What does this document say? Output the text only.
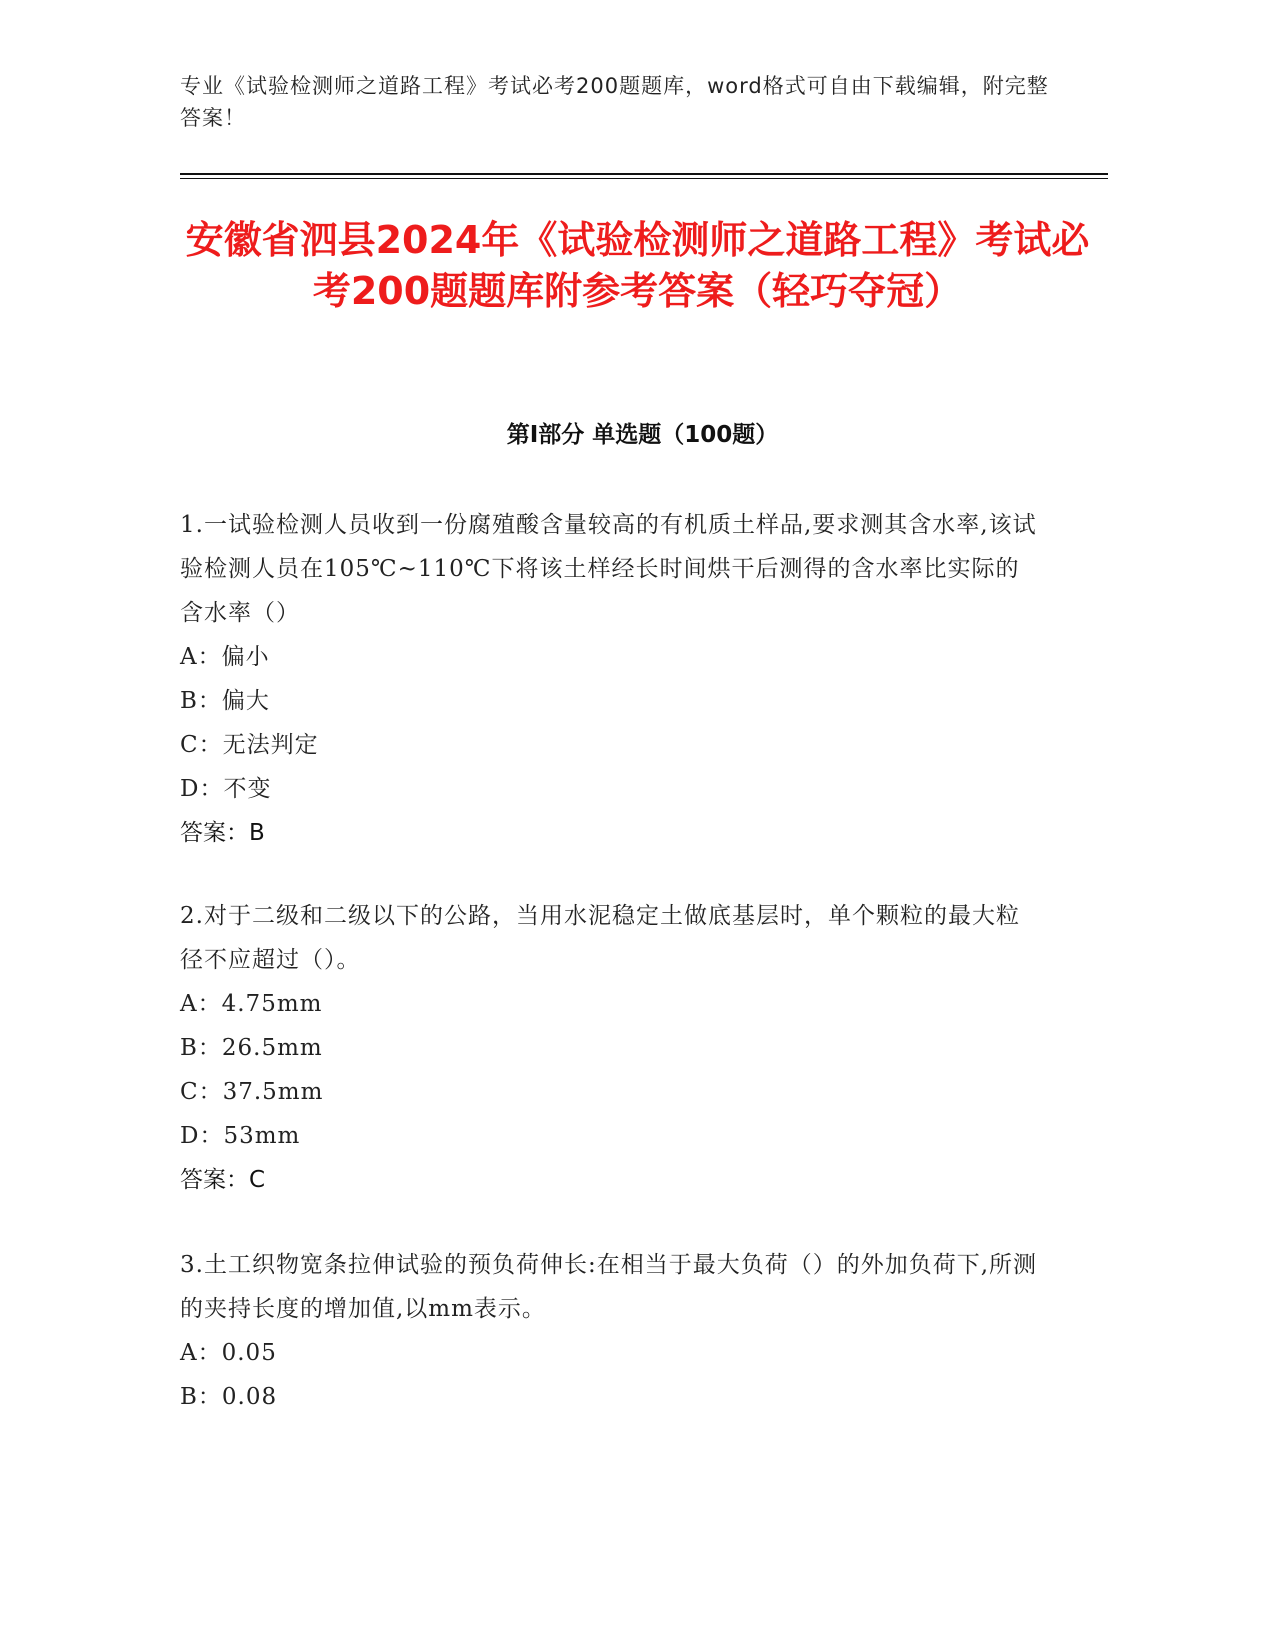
专业《试验检测师之道路工程》考试必考200题题库，word格式可自由下载编辑，附完整答案！
安徽省泗县2024年《试验检测师之道路工程》考试必考200题题库附参考答案（轻巧夺冠）
第I部分 单选题（100题）
1.一试验检测人员收到一份腐殖酸含量较高的有机质土样品,要求测其含水率,该试验检测人员在105℃~110℃下将该土样经长时间烘干后测得的含水率比实际的含水率（）
A：偏小
B：偏大
C：无法判定
D：不变
答案：B
2.对于二级和二级以下的公路，当用水泥稳定土做底基层时，单个颗粒的最大粒径不应超过（）。
A：4.75mm
B：26.5mm
C：37.5mm
D：53mm
答案：C
3.土工织物宽条拉伸试验的预负荷伸长:在相当于最大负荷（）的外加负荷下,所测的夹持长度的增加值,以mm表示。
A：0.05
B：0.08
